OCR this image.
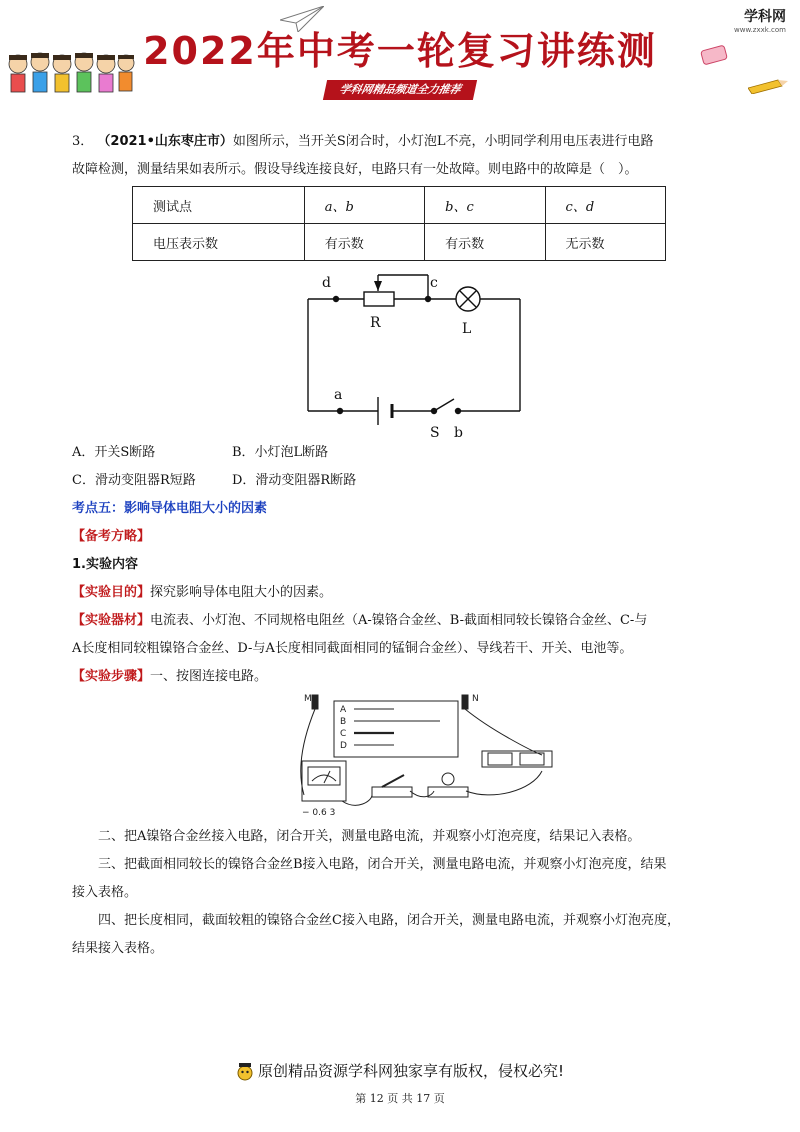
2022年中考一轮复习讲练测
学科网精品频道全力推荐
学科网
www.zxxk.com

3． （2021•山东枣庄市）如图所示，当开关S闭合时，小灯泡L不亮，小明同学利用电压表进行电路

故障检测，测量结果如表所示。假设导线连接良好，电路只有一处故障。则电路中的故障是（　）。

测试点	a、b	b、c	c、d
电压表示数	有示数	有示数	无示数
d	c
R	L
a
S b

A．开关S断路	B．小灯泡L断路

C．滑动变阻器R短路	D．滑动变阻器R断路

考点五：影响导体电阻大小的因素

【备考方略】

1.实验内容

【实验目的】探究影响导体电阻大小的因素。

【实验器材】电流表、小灯泡、不同规格电阻丝（A-镍铬合金丝、B-截面相同较长镍铬合金丝、C-与

A长度相同较粗镍铬合金丝、D-与A长度相同截面相同的锰铜合金丝）、导线若干、开关、电池等。

【实验步骤】一、按图连接电路。

M	N
A
B
C
D
− 0.6 3

二、把A镍铬合金丝接入电路，闭合开关，测量电路电流，并观察小灯泡亮度，结果记入表格。

三、把截面相同较长的镍铬合金丝B接入电路，闭合开关，测量电路电流，并观察小灯泡亮度，结果

接入表格。

四、把长度相同，截面较粗的镍铬合金丝C接入电路，闭合开关，测量电路电流，并观察小灯泡亮度，

结果接入表格。

原创精品资源学科网独家享有版权，侵权必究!
第 12 页 共 17 页
